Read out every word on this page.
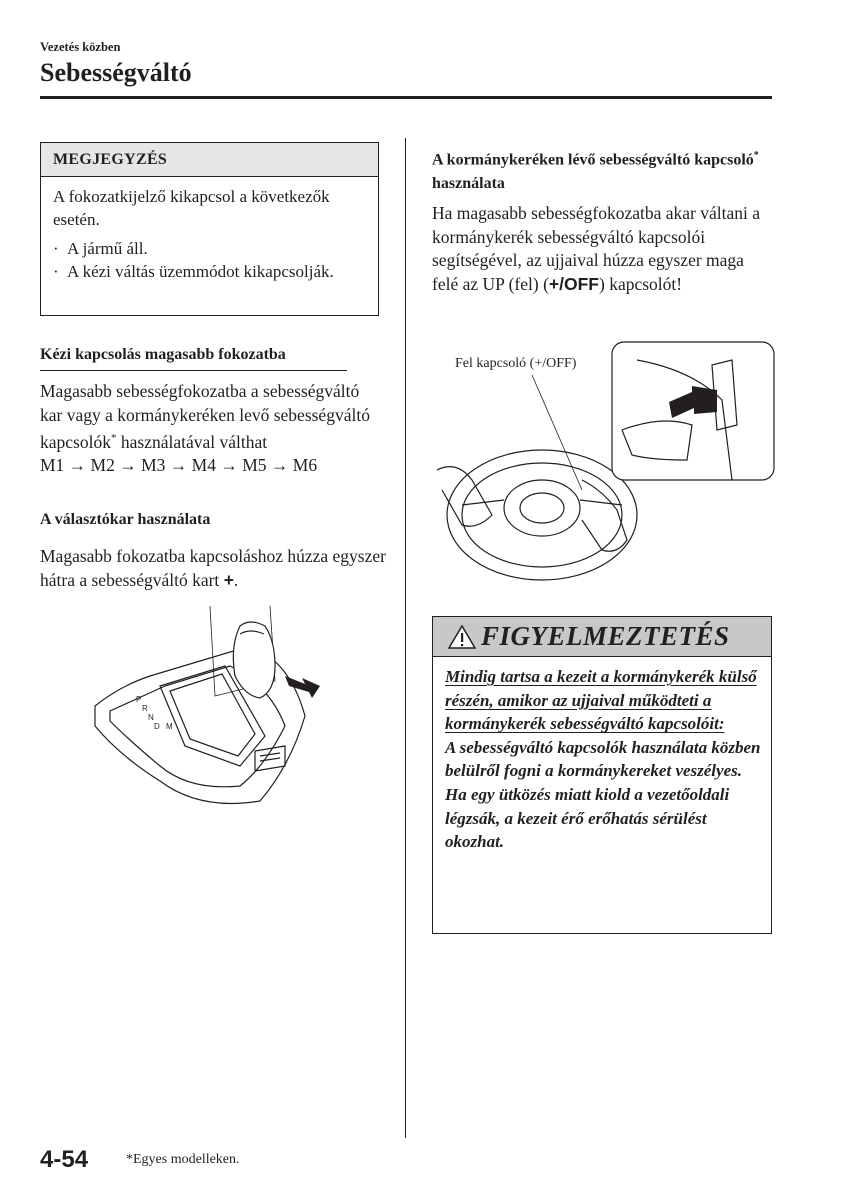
Vezetés közben
Sebességváltó
MEGJEGYZÉS

A fokozatkijelző kikapcsol a következők esetén.

· A jármű áll.
· A kézi váltás üzemmódot kikapcsolják.
Kézi kapcsolás magasabb fokozatba
Magasabb sebességfokozatba a sebességváltó kar vagy a kormánykeréken levő sebességváltó kapcsolók* használatával válthat
M1 → M2 → M3 → M4 → M5 → M6
A választókar használata
Magasabb fokozatba kapcsoláshoz húzza egyszer hátra a sebességváltó kart +.
P
R
N
D M
A kormánykeréken lévő sebességváltó kapcsoló* használata
Ha magasabb sebességfokozatba akar váltani a kormánykerék sebességváltó kapcsolói segítségével, az ujjaival húzza egyszer maga felé az UP (fel) (+/OFF) kapcsolót!
Fel kapcsoló (+/OFF)
FIGYELMEZTETÉS
Mindig tartsa a kezeit a kormánykerék külső részén, amikor az ujjaival működteti a kormánykerék sebességváltó kapcsolóit:
A sebességváltó kapcsolók használata közben belülről fogni a kormánykereket veszélyes. Ha egy ütközés miatt kiold a vezetőoldali légzsák, a kezeit érő erőhatás sérülést okozhat.
4-54	*Egyes modelleken.
